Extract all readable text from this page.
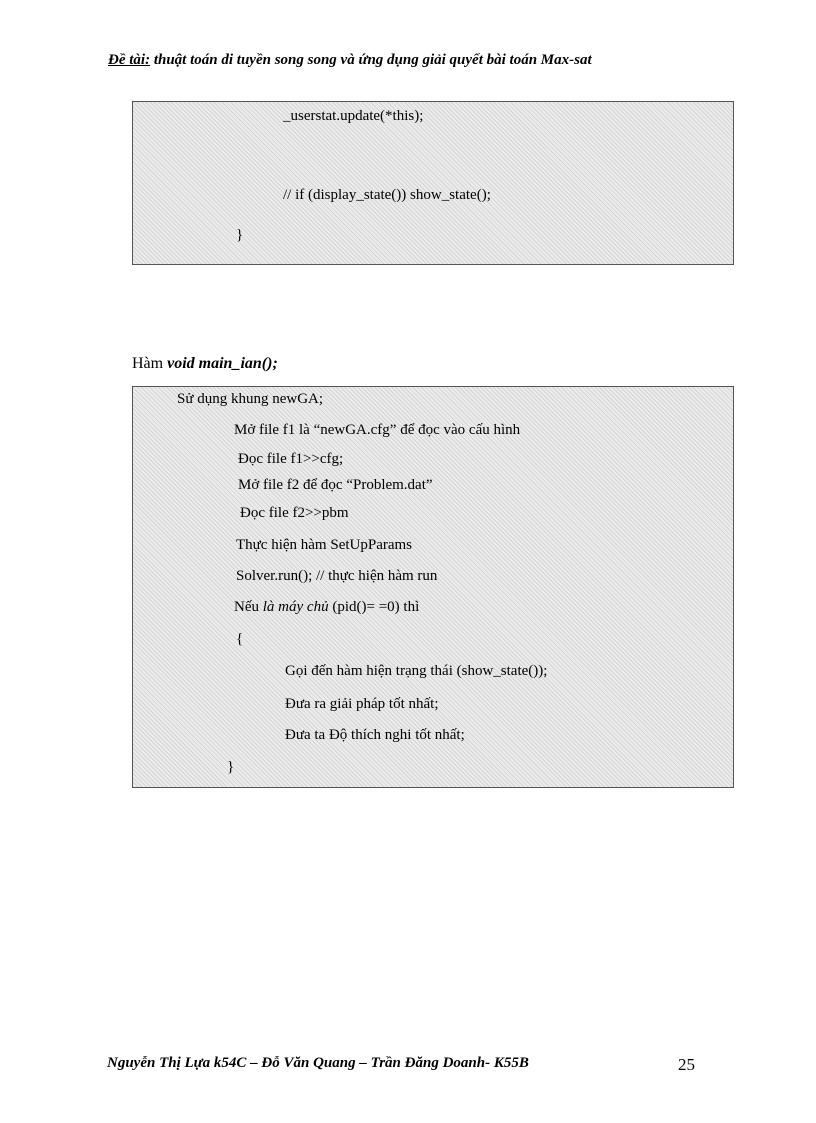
Đề tài: thuật toán di tuyền song song và ứng dụng giải quyết bài toán Max-sat
_userstat.update(*this);
// if (display_state()) show_state();
}
Hàm void main_ian();
Sử dụng khung newGA;
Mở file f1 là “newGA.cfg” để đọc vào cấu hình
Đọc file f1>>cfg;
Mở file f2 để đọc “Problem.dat”
Đọc file f2>>pbm
Thực hiện hàm SetUpParams
Solver.run(); // thực hiện hàm run
Nếu là máy chủ (pid()= =0) thì
{
Gọi đến hàm hiện trạng thái (show_state());
Đưa ra giải pháp tốt nhất;
Đưa ta Độ thích nghi tốt nhất;
}
Nguyễn Thị Lựa k54C – Đỗ Văn Quang – Trần Đăng Doanh- K55B	25
